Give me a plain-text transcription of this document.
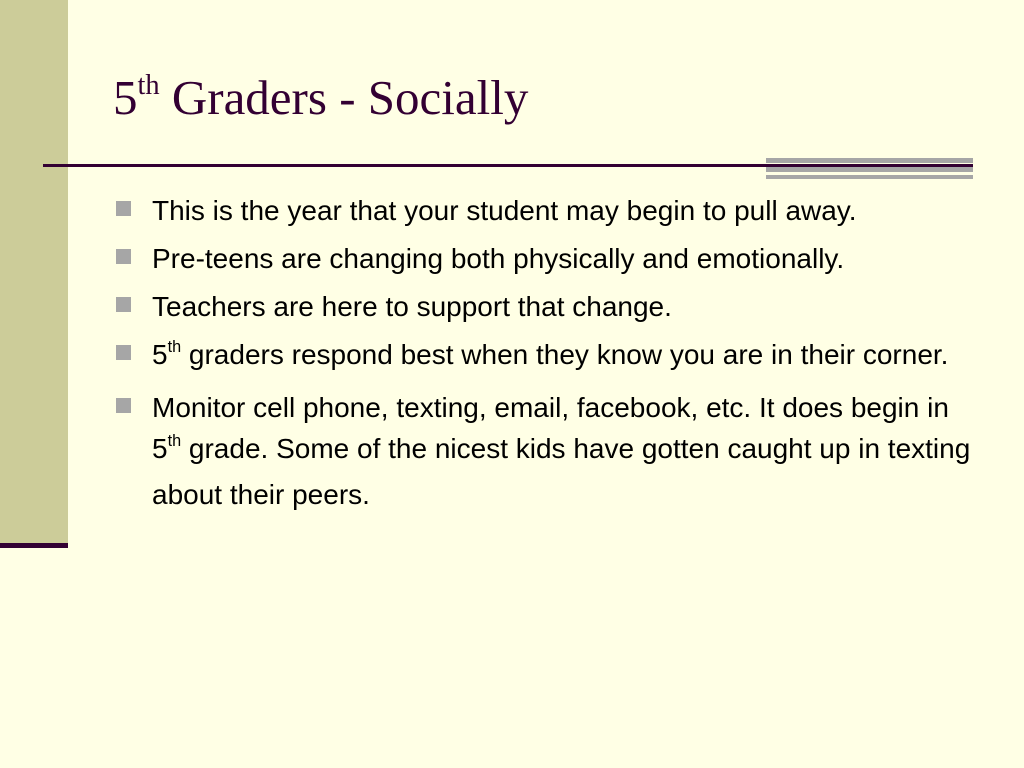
5th Graders - Socially
This is the year that your student may begin to pull away.
Pre-teens are changing both physically and emotionally.
Teachers are here to support that change.
5th graders respond best when they know you are in their corner.
Monitor cell phone, texting, email, facebook, etc. It does begin in 5th grade. Some of the nicest kids have gotten caught up in texting about their peers.
